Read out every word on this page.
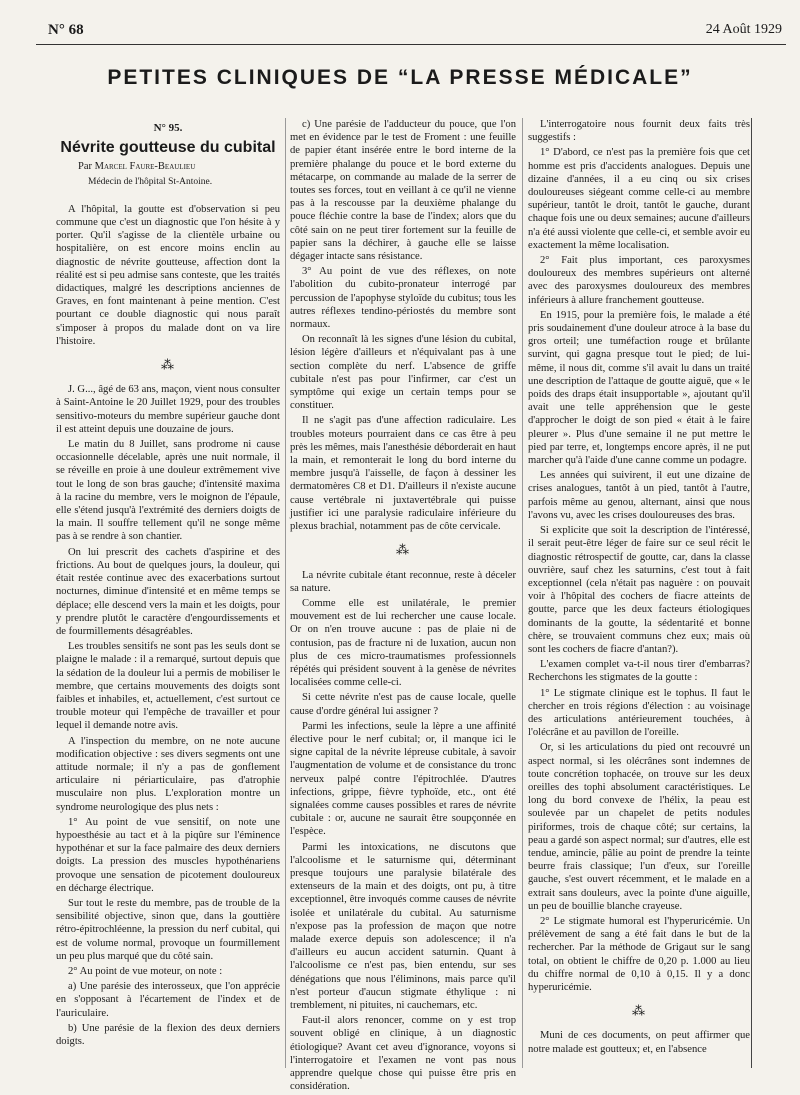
N° 68	24 Août 1929
PETITES CLINIQUES DE “LA PRESSE MÉDICALE”

N° 95.

Névrite goutteuse du cubital

Par Marcel Faure-Beaulieu

Médecin de l'hôpital St-Antoine.

A l'hôpital, la goutte est d'observation si peu commune que c'est un diagnostic que l'on hésite à y porter. Qu'il s'agisse de la clientèle urbaine ou hospitalière, on est encore moins enclin au diagnostic de névrite goutteuse, affection dont la réalité est si peu admise sans conteste, que les traités didactiques, malgré les descriptions anciennes de Graves, en font maintenant à peine mention. C'est pourtant ce double diagnostic qui nous paraît s'imposer à propos du malade dont on va lire l'histoire.

⁂

J. G..., âgé de 63 ans, maçon, vient nous consulter à Saint-Antoine le 20 Juillet 1929, pour des troubles sensitivo-moteurs du membre supérieur gauche dont il est atteint depuis une douzaine de jours.

Le matin du 8 Juillet, sans prodrome ni cause occasionnelle décelable, après une nuit normale, il se réveille en proie à une douleur extrêmement vive tout le long de son bras gauche; d'intensité maxima à la racine du membre, vers le moignon de l'épaule, elle s'étend jusqu'à l'extrémité des derniers doigts de la main. Il souffre tellement qu'il ne songe même pas à se rendre à son chantier.

On lui prescrit des cachets d'aspirine et des frictions. Au bout de quelques jours, la douleur, qui était restée continue avec des exacerbations surtout nocturnes, diminue d'intensité et en même temps se déplace; elle descend vers la main et les doigts, pour y prendre plutôt le caractère d'engourdissements et de fourmillements désagréables.

Les troubles sensitifs ne sont pas les seuls dont se plaigne le malade : il a remarqué, surtout depuis que la sédation de la douleur lui a permis de mobiliser le membre, que certains mouvements des doigts sont faibles et inhabiles, et, actuellement, c'est surtout ce trouble moteur qui l'empêche de travailler et pour lequel il demande notre avis.

A l'inspection du membre, on ne note aucune modification objective : ses divers segments ont une attitude normale; il n'y a pas de gonflement articulaire ni périarticulaire, pas d'atrophie musculaire non plus. L'exploration montre un syndrome neurologique des plus nets :

1° Au point de vue sensitif, on note une hypoesthésie au tact et à la piqûre sur l'éminence hypothénar et sur la face palmaire des deux derniers doigts. La pression des muscles hypothénariens provoque une sensation de picotement douloureux en décharge électrique.

Sur tout le reste du membre, pas de trouble de la sensibilité objective, sinon que, dans la gouttière rétro-épitrochléenne, la pression du nerf cubital, qui est de volume normal, provoque un fourmillement un peu plus marqué que du côté sain.

2° Au point de vue moteur, on note :

a) Une parésie des interosseux, que l'on apprécie en s'opposant à l'écartement de l'index et de l'auriculaire.

b) Une parésie de la flexion des deux derniers doigts.

c) Une parésie de l'adducteur du pouce, que l'on met en évidence par le test de Froment : une feuille de papier étant insérée entre le bord interne de la première phalange du pouce et le bord externe du métacarpe, on commande au malade de la serrer de toutes ses forces, tout en veillant à ce qu'il ne vienne pas à la rescousse par la deuxième phalange du pouce fléchie contre la base de l'index; alors que du côté sain on ne peut tirer fortement sur la feuille de papier sans la déchirer, à gauche elle se laisse dégager intacte sans résistance.

3° Au point de vue des réflexes, on note l'abolition du cubito-pronateur interrogé par percussion de l'apophyse styloïde du cubitus; tous les autres réflexes tendino-périostés du membre sont normaux.

On reconnaît là les signes d'une lésion du cubital, lésion légère d'ailleurs et n'équivalant pas à une section complète du nerf. L'absence de griffe cubitale n'est pas pour l'infirmer, car c'est un symptôme qui exige un certain temps pour se constituer.

Il ne s'agit pas d'une affection radiculaire. Les troubles moteurs pourraient dans ce cas être à peu près les mêmes, mais l'anesthésie déborderait en haut la main, et remonterait le long du bord interne du membre jusqu'à l'aisselle, de façon à dessiner les dermatomères C8 et D1. D'ailleurs il n'existe aucune cause vertébrale ni juxtavertébrale qui puisse justifier ici une paralysie radiculaire inférieure du plexus brachial, notamment pas de côte cervicale.

⁂

La névrite cubitale étant reconnue, reste à déceler sa nature.

Comme elle est unilatérale, le premier mouvement est de lui rechercher une cause locale. Or on n'en trouve aucune : pas de plaie ni de contusion, pas de fracture ni de luxation, aucun non plus de ces micro-traumatismes professionnels répétés qui président souvent à la genèse de névrites localisées comme celle-ci.

Si cette névrite n'est pas de cause locale, quelle cause d'ordre général lui assigner ?

Parmi les infections, seule la lèpre a une affinité élective pour le nerf cubital; or, il manque ici le signe capital de la névrite lépreuse cubitale, à savoir l'augmentation de volume et de consistance du tronc nerveux palpé contre l'épitrochlée. D'autres infections, grippe, fièvre typhoïde, etc., ont été signalées comme causes possibles et rares de névrite cubitale : or, aucune ne saurait être soupçonnée en l'espèce.

Parmi les intoxications, ne discutons que l'alcoolisme et le saturnisme qui, déterminant presque toujours une paralysie bilatérale des extenseurs de la main et des doigts, ont pu, à titre exceptionnel, être invoqués comme causes de névrite isolée et unilatérale du cubital. Au saturnisme n'expose pas la profession de maçon que notre malade exerce depuis son adolescence; il n'a d'ailleurs eu aucun accident saturnin. Quant à l'alcoolisme ce n'est pas, bien entendu, sur ses dénégations que nous l'éliminons, mais parce qu'il n'est porteur d'aucun stigmate éthylique : ni tremblement, ni pituites, ni cauchemars, etc.

Faut-il alors renoncer, comme on y est trop souvent obligé en clinique, à un diagnostic étiologique? Avant cet aveu d'ignorance, voyons si l'interrogatoire et l'examen ne vont pas nous apprendre quelque chose qui puisse être pris en considération.

L'interrogatoire nous fournit deux faits très suggestifs :

1° D'abord, ce n'est pas la première fois que cet homme est pris d'accidents analogues. Depuis une dizaine d'années, il a eu cinq ou six crises douloureuses siégeant comme celle-ci au membre supérieur, tantôt le droit, tantôt le gauche, durant chaque fois une ou deux semaines; aucune d'ailleurs n'a été aussi violente que celle-ci, et semble avoir eu exactement la même localisation.

2° Fait plus important, ces paroxysmes douloureux des membres supérieurs ont alterné avec des paroxysmes douloureux des membres inférieurs à allure franchement goutteuse.

En 1915, pour la première fois, le malade a été pris soudainement d'une douleur atroce à la base du gros orteil; une tuméfaction rouge et brûlante survint, qui gagna presque tout le pied; de lui-même, il nous dit, comme s'il avait lu dans un traité une description de l'attaque de goutte aiguë, que « le poids des draps était insupportable », ajoutant qu'il avait une telle appréhension que le geste d'approcher le doigt de son pied « était à le faire pleurer ». Plus d'une semaine il ne put mettre le pied par terre, et, longtemps encore après, il ne put marcher qu'à l'aide d'une canne comme un podagre.

Les années qui suivirent, il eut une dizaine de crises analogues, tantôt à un pied, tantôt à l'autre, parfois même au genou, alternant, ainsi que nous l'avons vu, avec les crises douloureuses des bras.

Si explicite que soit la description de l'intéressé, il serait peut-être léger de faire sur ce seul récit le diagnostic rétrospectif de goutte, car, dans la classe ouvrière, sauf chez les saturnins, c'est tout à fait exceptionnel (cela n'était pas naguère : on pouvait voir à l'hôpital des cochers de fiacre atteints de goutte, parce que les deux facteurs étiologiques dominants de la goutte, la sédentarité et bonne chère, se trouvaient communs chez eux; mais où sont les cochers de fiacre d'antan?).

L'examen complet va-t-il nous tirer d'embarras? Recherchons les stigmates de la goutte :

1° Le stigmate clinique est le tophus. Il faut le chercher en trois régions d'élection : au voisinage des articulations antérieurement touchées, à l'olécrâne et au pavillon de l'oreille.

Or, si les articulations du pied ont recouvré un aspect normal, si les olécrânes sont indemnes de toute concrétion tophacée, on trouve sur les deux oreilles des tophi absolument caractéristiques. Le long du bord convexe de l'hélix, la peau est soulevée par un chapelet de petits nodules piriformes, trois de chaque côté; sur certains, la peau a gardé son aspect normal; sur d'autres, elle est tendue, amincie, pâlie au point de prendre la teinte beurre frais classique; l'un d'eux, sur l'oreille gauche, s'est ouvert récemment, et le malade en a extrait sans douleurs, avec la pointe d'une aiguille, un peu de bouillie blanche crayeuse.

2° Le stigmate humoral est l'hyperuricémie. Un prélèvement de sang a été fait dans le but de la rechercher. Par la méthode de Grigaut sur le sang total, on obtient le chiffre de 0,20 p. 1.000 au lieu du chiffre normal de 0,10 à 0,15. Il y a donc hyperuricémie.

⁂

Muni de ces documents, on peut affirmer que notre malade est goutteux; et, en l'absence
